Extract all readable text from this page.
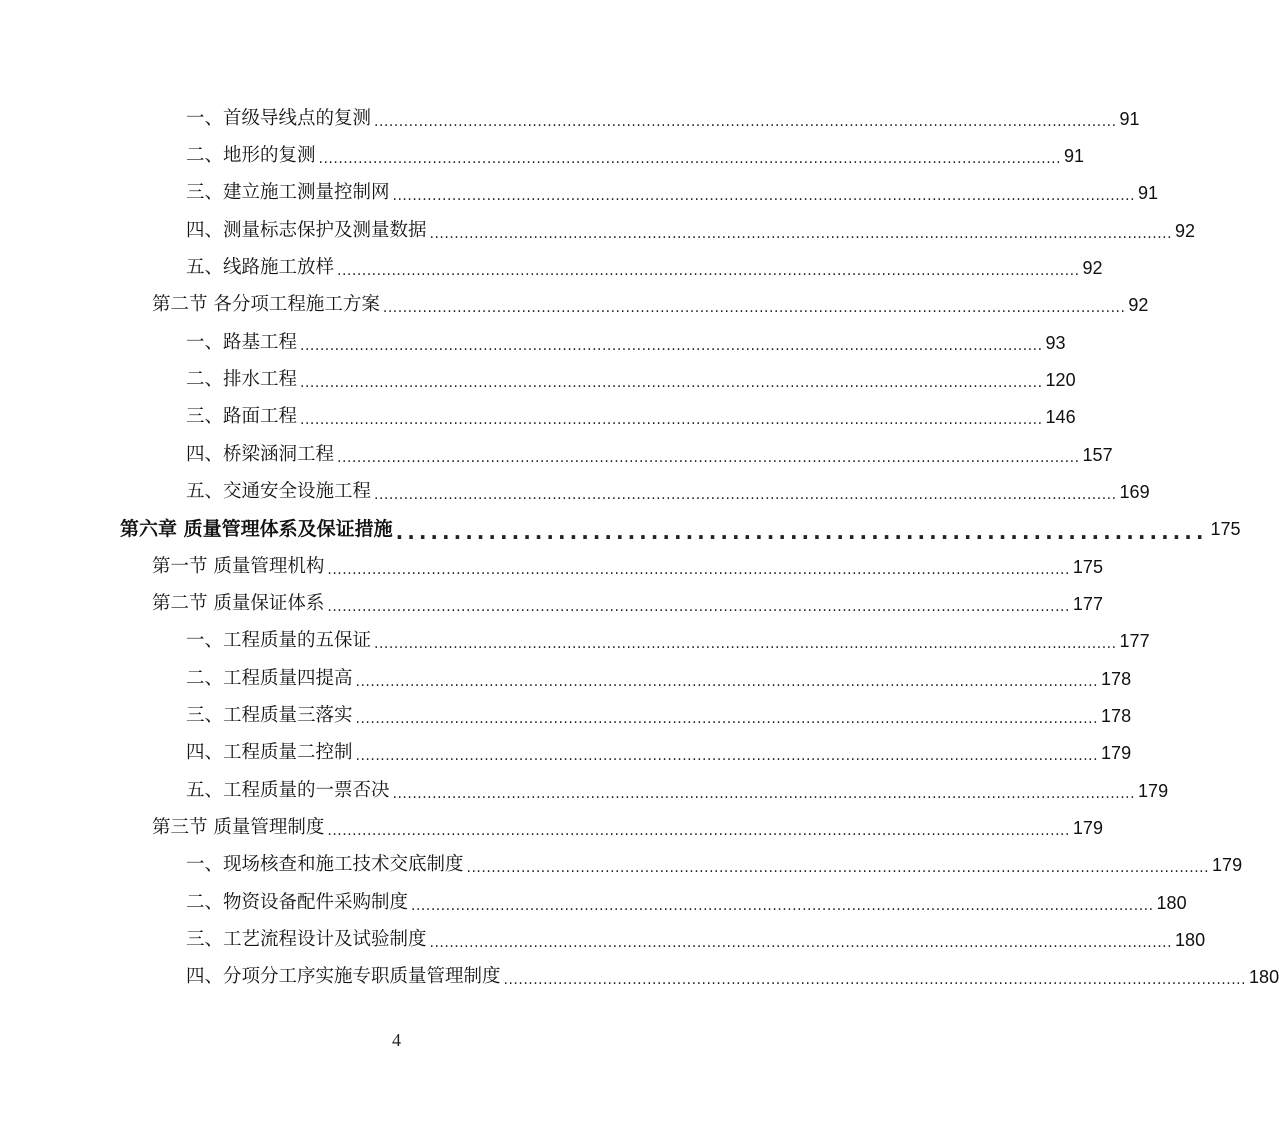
一、首级导线点的复测 ...................................................................................................................................................... 91
二、地形的复测 ...................................................................................................................................................... 91
三、建立施工测量控制网 ...................................................................................................................................................... 91
四、测量标志保护及测量数据 ...................................................................................................................................................... 92
五、线路施工放样 ...................................................................................................................................................... 92
第二节 各分项工程施工方案 ...................................................................................................................................................... 92
一、路基工程 ...................................................................................................................................................... 93
二、排水工程 ...................................................................................................................................................... 120
三、路面工程 ...................................................................................................................................................... 146
四、桥梁涵洞工程 ...................................................................................................................................................... 157
五、交通安全设施工程 ...................................................................................................................................................... 169
第六章 质量管理体系及保证措施 ...................................................................... 175
第一节 质量管理机构 ...................................................................................................................................................... 175
第二节 质量保证体系 ...................................................................................................................................................... 177
一、工程质量的五保证 ...................................................................................................................................................... 177
二、工程质量四提高 ...................................................................................................................................................... 178
三、工程质量三落实 ...................................................................................................................................................... 178
四、工程质量二控制 ...................................................................................................................................................... 179
五、工程质量的一票否决 ...................................................................................................................................................... 179
第三节 质量管理制度 ...................................................................................................................................................... 179
一、现场核查和施工技术交底制度 ...................................................................................................................................................... 179
二、物资设备配件采购制度 ...................................................................................................................................................... 180
三、工艺流程设计及试验制度 ...................................................................................................................................................... 180
四、分项分工序实施专职质量管理制度 ...................................................................................................................................................... 180
4
